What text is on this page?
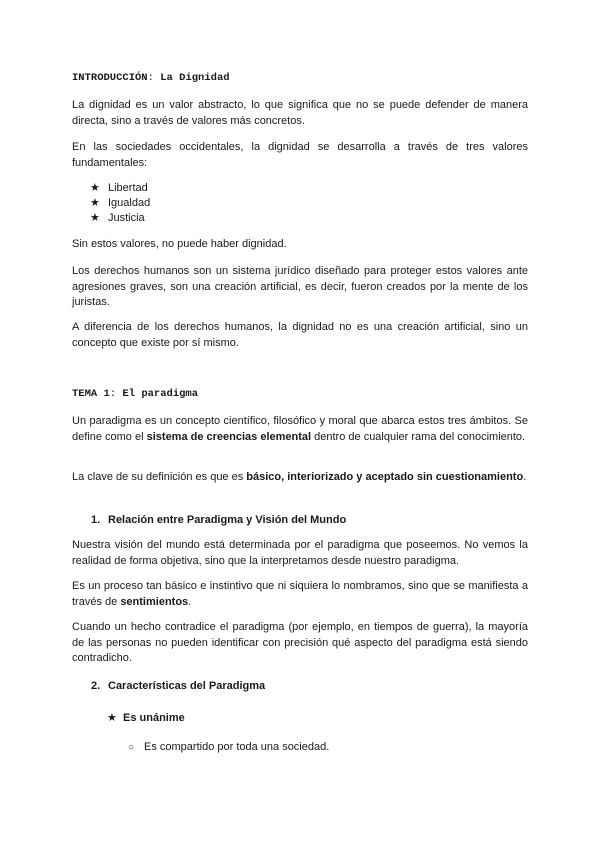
INTRODUCCIÓN: La Dignidad

La dignidad es un valor abstracto, lo que significa que no se puede defender de manera directa, sino a través de valores más concretos.

En las sociedades occidentales, la dignidad se desarrolla a través de tres valores fundamentales:

★ Libertad
★ Igualdad
★ Justicia

Sin estos valores, no puede haber dignidad.

Los derechos humanos son un sistema jurídico diseñado para proteger estos valores ante agresiones graves, son una creación artificial, es decir, fueron creados por la mente de los juristas.

A diferencia de los derechos humanos, la dignidad no es una creación artificial, sino un concepto que existe por sí mismo.

TEMA 1: El paradigma

Un paradigma es un concepto científico, filosófico y moral que abarca estos tres ámbitos. Se define como el sistema de creencias elemental dentro de cualquier rama del conocimiento.

La clave de su definición es que es básico, interiorizado y aceptado sin cuestionamiento.

1. Relación entre Paradigma y Visión del Mundo

Nuestra visión del mundo está determinada por el paradigma que poseemos. No vemos la realidad de forma objetiva, sino que la interpretamos desde nuestro paradigma.

Es un proceso tan básico e instintivo que ni siquiera lo nombramos, sino que se manifiesta a través de sentimientos.

Cuando un hecho contradice el paradigma (por ejemplo, en tiempos de guerra), la mayoría de las personas no pueden identificar con precisión qué aspecto del paradigma está siendo contradicho.

2. Características del Paradigma
★ Es unánime
○ Es compartido por toda una sociedad.
